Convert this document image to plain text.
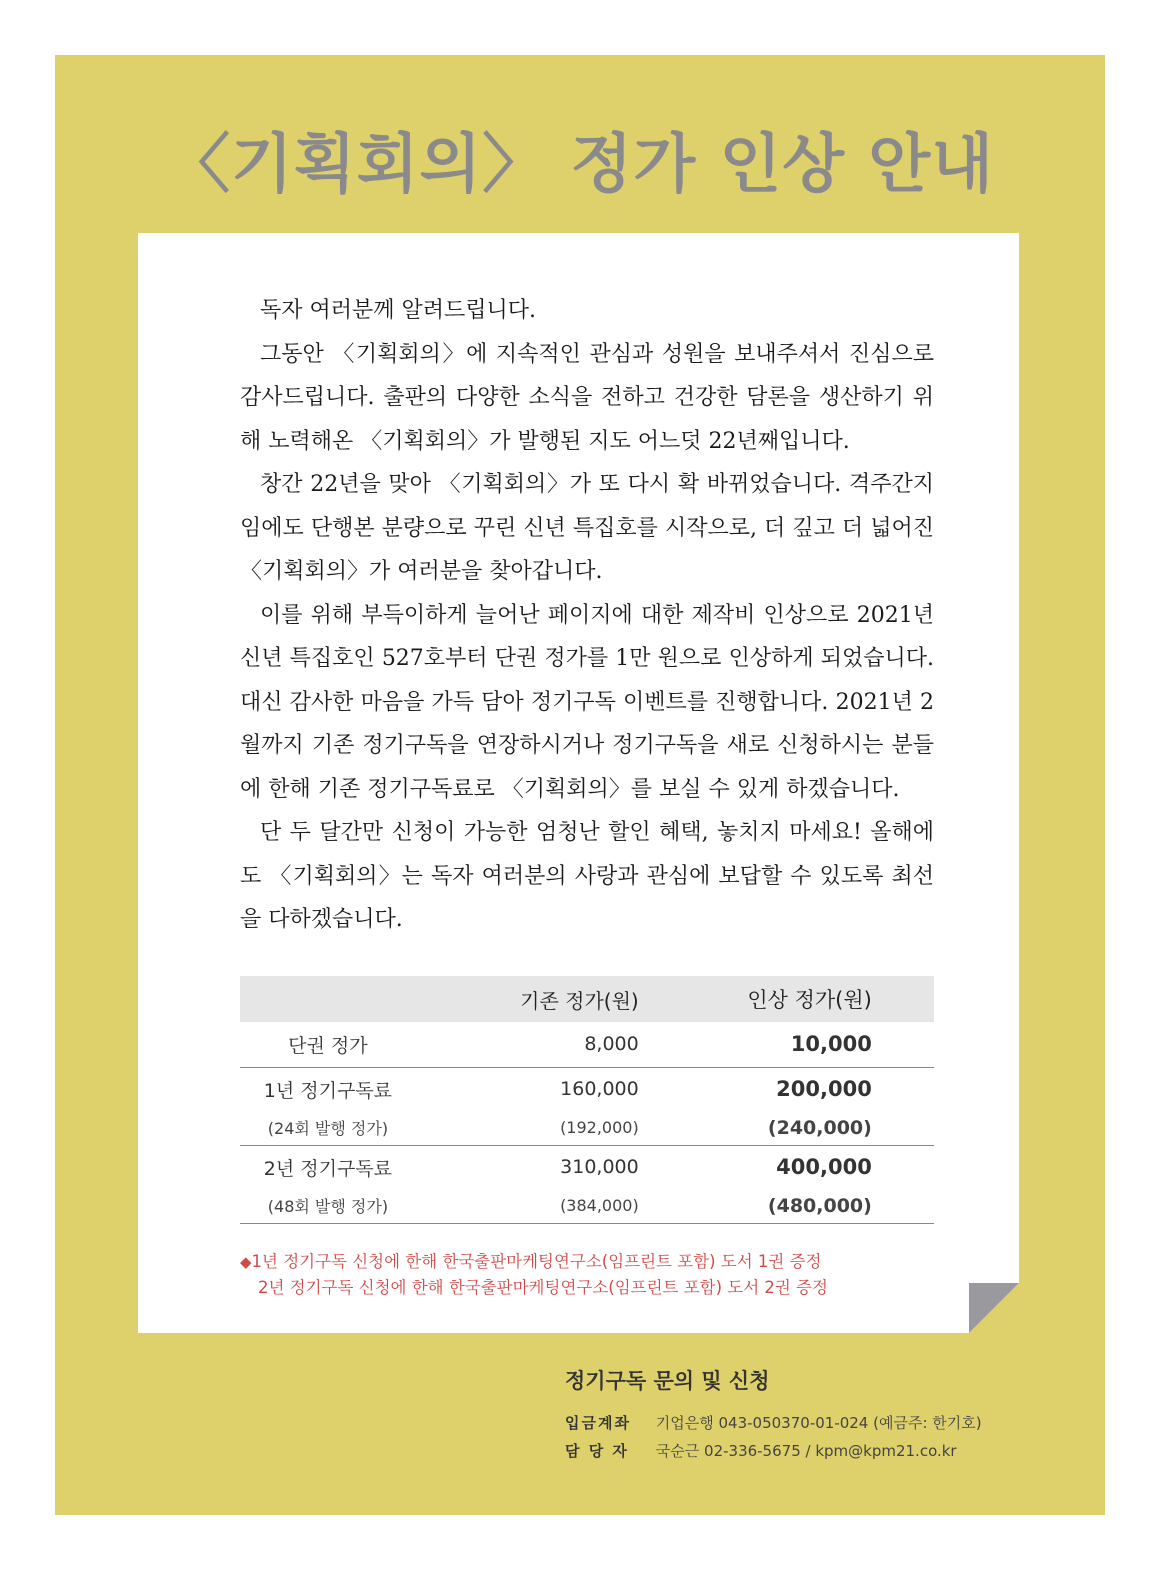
〈기획회의〉 정가 인상 안내

독자 여러분께 알려드립니다.

그동안 〈기획회의〉에 지속적인 관심과 성원을 보내주셔서 진심으로 감사드립니다. 출판의 다양한 소식을 전하고 건강한 담론을 생산하기 위해 노력해온 〈기획회의〉가 발행된 지도 어느덧 22년째입니다.

창간 22년을 맞아 〈기획회의〉가 또 다시 확 바뀌었습니다. 격주간지임에도 단행본 분량으로 꾸린 신년 특집호를 시작으로, 더 깊고 더 넓어진 〈기획회의〉가 여러분을 찾아갑니다.

이를 위해 부득이하게 늘어난 페이지에 대한 제작비 인상으로 2021년 신년 특집호인 527호부터 단권 정가를 1만 원으로 인상하게 되었습니다. 대신 감사한 마음을 가득 담아 정기구독 이벤트를 진행합니다. 2021년 2월까지 기존 정기구독을 연장하시거나 정기구독을 새로 신청하시는 분들에 한해 기존 정기구독료로 〈기획회의〉를 보실 수 있게 하겠습니다.

단 두 달간만 신청이 가능한 엄청난 할인 혜택, 놓치지 마세요! 올해에도 〈기획회의〉는 독자 여러분의 사랑과 관심에 보답할 수 있도록 최선을 다하겠습니다.

	기존 정가(원)	인상 정가(원)	
단권 정가	8,000	10,000	
1년 정기구독료	160,000	200,000	
(24회 발행 정가)	(192,000)	(240,000)	
2년 정기구독료	310,000	400,000	
(48회 발행 정가)	(384,000)	(480,000)	
◆1년 정기구독 신청에 한해 한국출판마케팅연구소(임프린트 포함) 도서 1권 증정
2년 정기구독 신청에 한해 한국출판마케팅연구소(임프린트 포함) 도서 2권 증정
정기구독 문의 및 신청
입금계좌 기업은행 043-050370-01-024 (예금주: 한기호)
담 당 자 국순근 02-336-5675 / kpm@kpm21.co.kr
